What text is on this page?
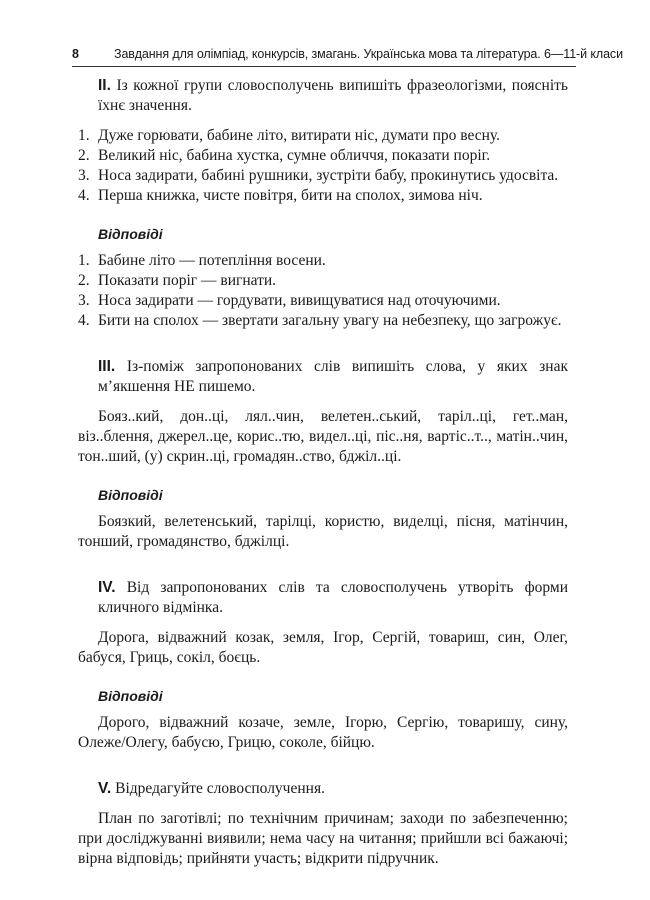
8	Завдання для олімпіад, конкурсів, змагань. Українська мова та література. 6—11-й класи

II. Із кожної групи словосполучень випишіть фразеологізми, поясніть їхнє значення.

1. Дуже горювати, бабине літо, витирати ніс, думати про весну.
2. Великий ніс, бабина хустка, сумне обличчя, показати поріг.
3. Носа задирати, бабині рушники, зустріти бабу, прокинутись удосвіта.
4. Перша книжка, чисте повітря, бити на сполох, зимова ніч.
Відповіді
1. Бабине літо — потепління восени.
2. Показати поріг — вигнати.
3. Носа задирати — гордувати, вивищуватися над оточуючими.
4. Бити на сполох — звертати загальну увагу на небезпеку, що загрожує.

III. Із-поміж запропонованих слів випишіть слова, у яких знак м’якшення НЕ пишемо.

Бояз..кий, дон..ці, лял..чин, велетен..ський, таріл..ці, гет..ман, віз..блення, джерел..це, корис..тю, видел..ці, піс..ня, вартіс..т.., матін..чин, тон..ший, (у) скрин..ці, громадян..ство, бджіл..ці.

Відповіді

Боязкий, велетенський, тарілці, користю, виделці, пісня, матінчин, тонший, громадянство, бджілці.

IV. Від запропонованих слів та словосполучень утворіть форми кличного відмінка.

Дорога, відважний козак, земля, Ігор, Сергій, товариш, син, Олег, бабуся, Гриць, сокіл, боєць.

Відповіді

Дорого, відважний козаче, земле, Ігорю, Сергію, товаришу, сину, Олеже/Олегу, бабусю, Грицю, соколе, бійцю.

V. Відредагуйте словосполучення.

План по заготівлі; по технічним причинам; заходи по забезпеченню; при досліджуванні виявили; нема часу на читання; прийшли всі бажаючі; вірна відповідь; прийняти участь; відкрити підручник.
